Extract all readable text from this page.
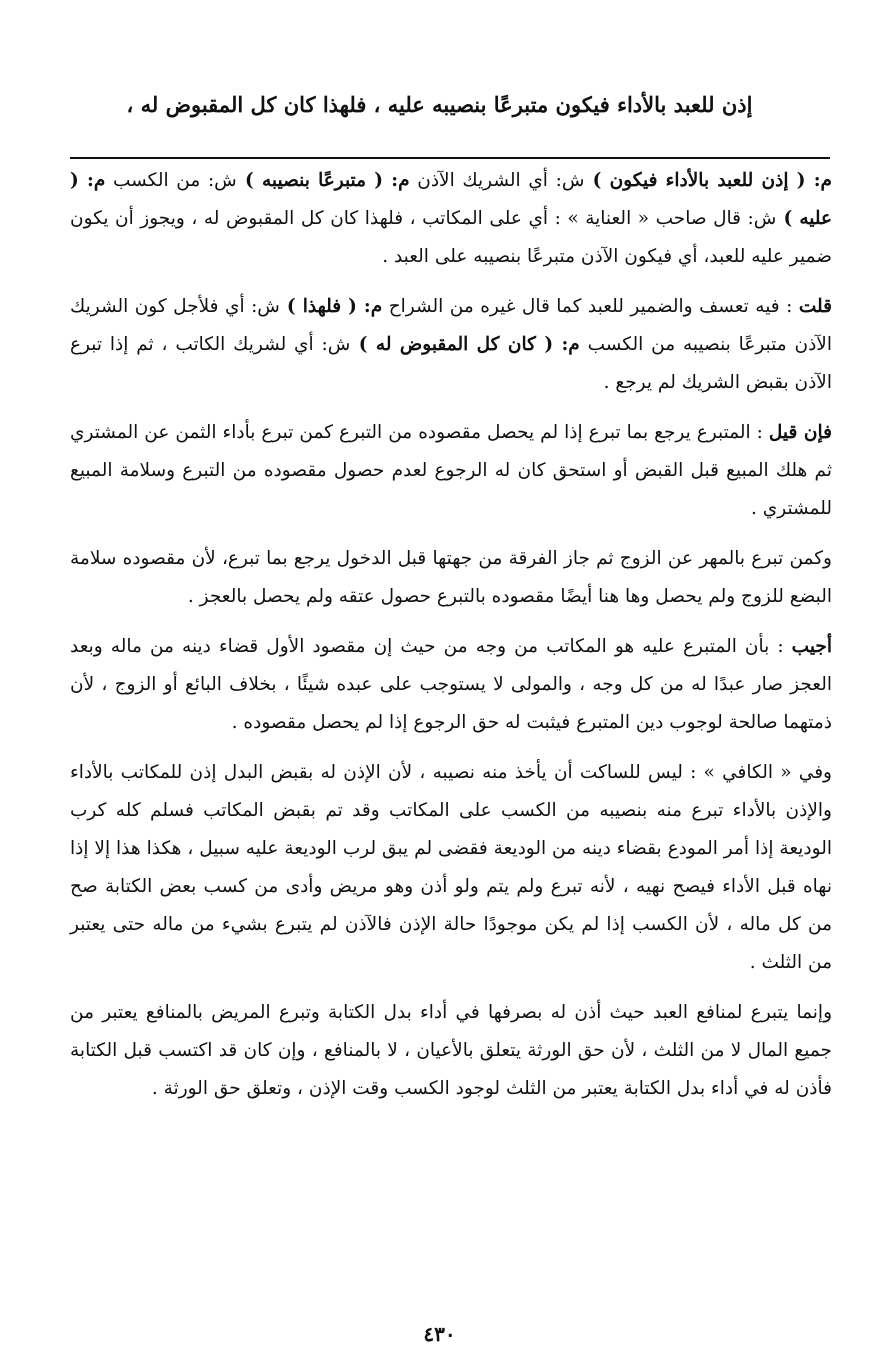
إذن للعبد بالأداء فيكون متبرعًا بنصيبه عليه ، فلهذا كان كل المقبوض له ،

م: ( إذن للعبد بالأداء فيكون ) ش: أي الشريك الآذن م: ( متبرعًا بنصيبه ) ش: من الكسب م: ( عليه ) ش: قال صاحب « العناية » : أي على المكاتب ، فلهذا كان كل المقبوض له ، ويجوز أن يكون ضمير عليه للعبد، أي فيكون الآذن متبرعًا بنصيبه على العبد .

قلت : فيه تعسف والضمير للعبد كما قال غيره من الشراح م: ( فلهذا ) ش: أي فلأجل كون الشريك الآذن متبرعًا بنصيبه من الكسب م: ( كان كل المقبوض له ) ش: أي لشريك الكاتب ، ثم إذا تبرع الآذن بقبض الشريك لم يرجع .

فإن قيل : المتبرع يرجع بما تبرع إذا لم يحصل مقصوده من التبرع كمن تبرع بأداء الثمن عن المشتري ثم هلك المبيع قبل القبض أو استحق كان له الرجوع لعدم حصول مقصوده من التبرع وسلامة المبيع للمشتري .

وكمن تبرع بالمهر عن الزوج ثم جاز الفرقة من جهتها قبل الدخول يرجع بما تبرع، لأن مقصوده سلامة البضع للزوج ولم يحصل وها هنا أيضًا مقصوده بالتبرع حصول عتقه ولم يحصل بالعجز .

أجيب : بأن المتبرع عليه هو المكاتب من وجه من حيث إن مقصود الأول قضاء دينه من ماله وبعد العجز صار عبدًا له من كل وجه ، والمولى لا يستوجب على عبده شيئًا ، بخلاف البائع أو الزوج ، لأن ذمتهما صالحة لوجوب دين المتبرع فيثبت له حق الرجوع إذا لم يحصل مقصوده .

وفي « الكافي » : ليس للساكت أن يأخذ منه نصيبه ، لأن الإذن له بقبض البدل إذن للمكاتب بالأداء والإذن بالأداء تبرع منه بنصيبه من الكسب على المكاتب وقد تم بقبض المكاتب فسلم كله كرب الوديعة إذا أمر المودع بقضاء دينه من الوديعة فقضى لم يبق لرب الوديعة عليه سبيل ، هكذا هذا إلا إذا نهاه قبل الأداء فيصح نهيه ، لأنه تبرع ولم يتم ولو أذن وهو مريض وأدى من كسب بعض الكتابة صح من كل ماله ، لأن الكسب إذا لم يكن موجودًا حالة الإذن فالآذن لم يتبرع بشيء من ماله حتى يعتبر من الثلث .

وإنما يتبرع لمنافع العبد حيث أذن له بصرفها في أداء بدل الكتابة وتبرع المريض بالمنافع يعتبر من جميع المال لا من الثلث ، لأن حق الورثة يتعلق بالأعيان ، لا بالمنافع ، وإن كان قد اكتسب قبل الكتابة فأذن له في أداء بدل الكتابة يعتبر من الثلث لوجود الكسب وقت الإذن ، وتعلق حق الورثة .

٤٣٠
